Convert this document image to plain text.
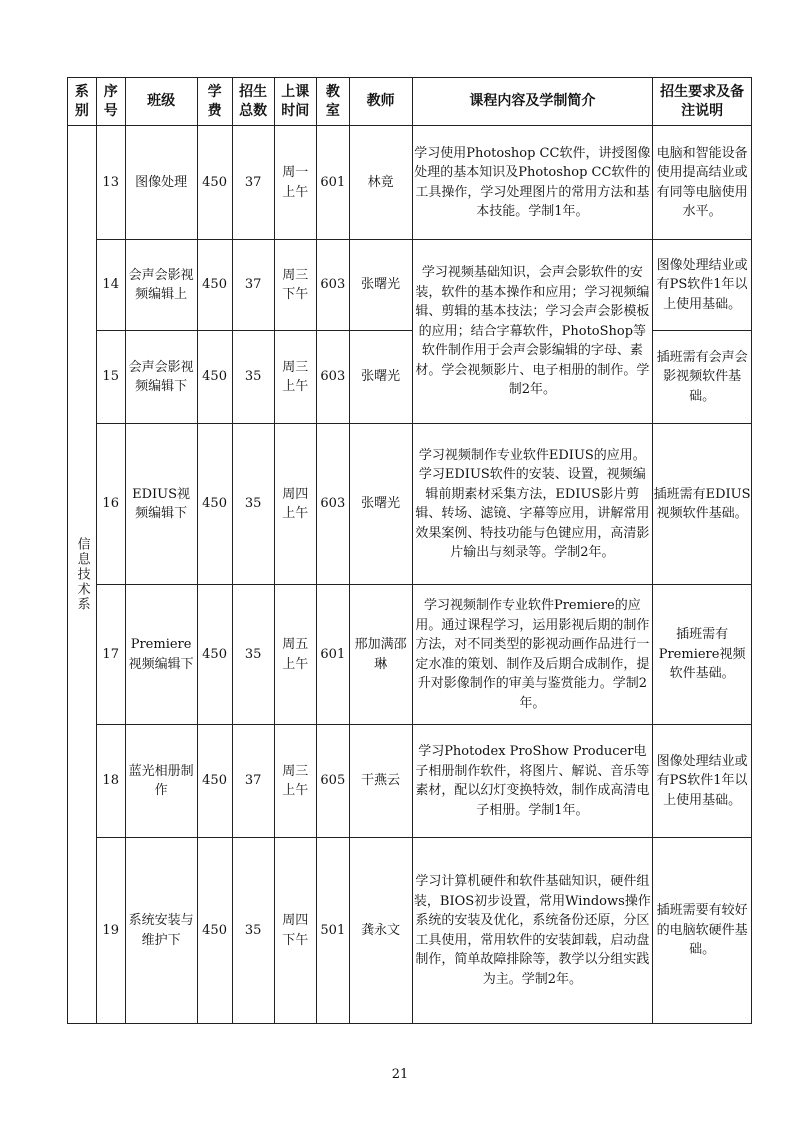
系别	序号	班级	学费	招生总数	上课时间	教室	教师	课程内容及学制简介	招生要求及备注说明

信息技术系	13	图像处理	450	37	周一上午	601	林竟	学习使用Photoshop CC软件，讲授图像处理的基本知识及Photoshop CC软件的工具操作，学习处理图片的常用方法和基本技能。学制1年。	电脑和智能设备使用提高结业或有同等电脑使用水平。
	14	会声会影视频编辑上	450	37	周三下午	603	张曙光	学习视频基础知识，会声会影软件的安装，软件的基本操作和应用；学习视频编辑、剪辑的基本技法；学习会声会影模板的应用；结合字幕软件，PhotoShop等软件制作用于会声会影编辑的字母、素材。学会视频影片、电子相册的制作。学制2年。	图像处理结业或有PS软件1年以上使用基础。
	15	会声会影视频编辑下	450	35	周三上午	603	张曙光		插班需有会声会影视频软件基础。
	16	EDIUS视频编辑下	450	35	周四上午	603	张曙光	学习视频制作专业软件EDIUS的应用。学习EDIUS软件的安装、设置，视频编辑前期素材采集方法，EDIUS影片剪辑、转场、滤镜、字幕等应用，讲解常用效果案例、特技功能与色键应用，高清影片输出与刻录等。学制2年。	插班需有EDIUS视频软件基础。
	17	Premiere视频编辑下	450	35	周五上午	601	邢加满邵琳	学习视频制作专业软件Premiere的应用。通过课程学习，运用影视后期的制作方法，对不同类型的影视动画作品进行一定水准的策划、制作及后期合成制作，提升对影像制作的审美与鉴赏能力。学制2年。	插班需有Premiere视频软件基础。
	18	蓝光相册制作	450	37	周三上午	605	干燕云	学习Photodex ProShow Producer电子相册制作软件，将图片、解说、音乐等素材，配以幻灯变换特效，制作成高清电子相册。学制1年。	图像处理结业或有PS软件1年以上使用基础。
	19	系统安装与维护下	450	35	周四下午	501	龚永文	学习计算机硬件和软件基础知识，硬件组装，BIOS初步设置，常用Windows操作系统的安装及优化，系统备份还原，分区工具使用，常用软件的安装卸载，启动盘制作，简单故障排除等，教学以分组实践为主。学制2年。	插班需要有较好的电脑软硬件基础。
21
